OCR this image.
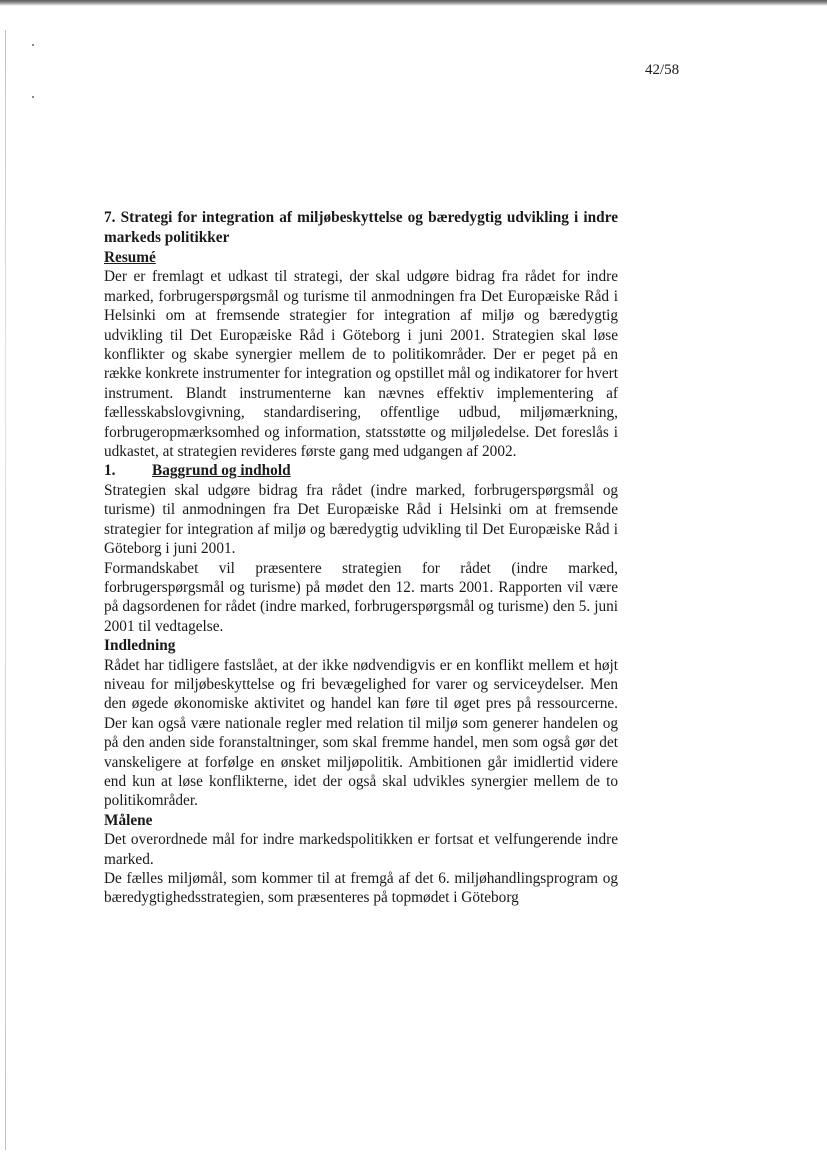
42/58

7. Strategi for integration af miljøbeskyttelse og bæredygtig udvikling i indre markeds politikker

Resumé

Der er fremlagt et udkast til strategi, der skal udgøre bidrag fra rådet for indre marked, forbrugerspørgsmål og turisme til anmodningen fra Det Europæiske Råd i Helsinki om at fremsende strategier for integration af miljø og bæredygtig udvikling til Det Europæiske Råd i Göteborg i juni 2001. Strategien skal løse konflikter og skabe synergier mellem de to politikområder. Der er peget på en række konkrete instrumenter for integration og opstillet mål og indikatorer for hvert instrument. Blandt instrumenterne kan nævnes effektiv implementering af fællesskabslovgivning, standardisering, offentlige udbud, miljømærkning, forbrugeropmærksomhed og information, statsstøtte og miljøledelse. Det foreslås i udkastet, at strategien revideres første gang med udgangen af 2002.

1. Baggrund og indhold

Strategien skal udgøre bidrag fra rådet (indre marked, forbrugerspørgsmål og turisme) til anmodningen fra Det Europæiske Råd i Helsinki om at fremsende strategier for integration af miljø og bæredygtig udvikling til Det Europæiske Råd i Göteborg i juni 2001.

Formandskabet vil præsentere strategien for rådet (indre marked, forbrugerspørgsmål og turisme) på mødet den 12. marts 2001. Rapporten vil være på dagsordenen for rådet (indre marked, forbrugerspørgsmål og turisme) den 5. juni 2001 til vedtagelse.

Indledning

Rådet har tidligere fastslået, at der ikke nødvendigvis er en konflikt mellem et højt niveau for miljøbeskyttelse og fri bevægelighed for varer og serviceydelser. Men den øgede økonomiske aktivitet og handel kan føre til øget pres på ressourcerne. Der kan også være nationale regler med relation til miljø som generer handelen og på den anden side foranstaltninger, som skal fremme handel, men som også gør det vanskeligere at forfølge en ønsket miljøpolitik. Ambitionen går imidlertid videre end kun at løse konflikterne, idet der også skal udvikles synergier mellem de to politikområder.

Målene

Det overordnede mål for indre markedspolitikken er fortsat et velfungerende indre marked.

De fælles miljømål, som kommer til at fremgå af det 6. miljøhandlingsprogram og bæredygtighedsstrategien, som præsenteres på topmødet i Göteborg
